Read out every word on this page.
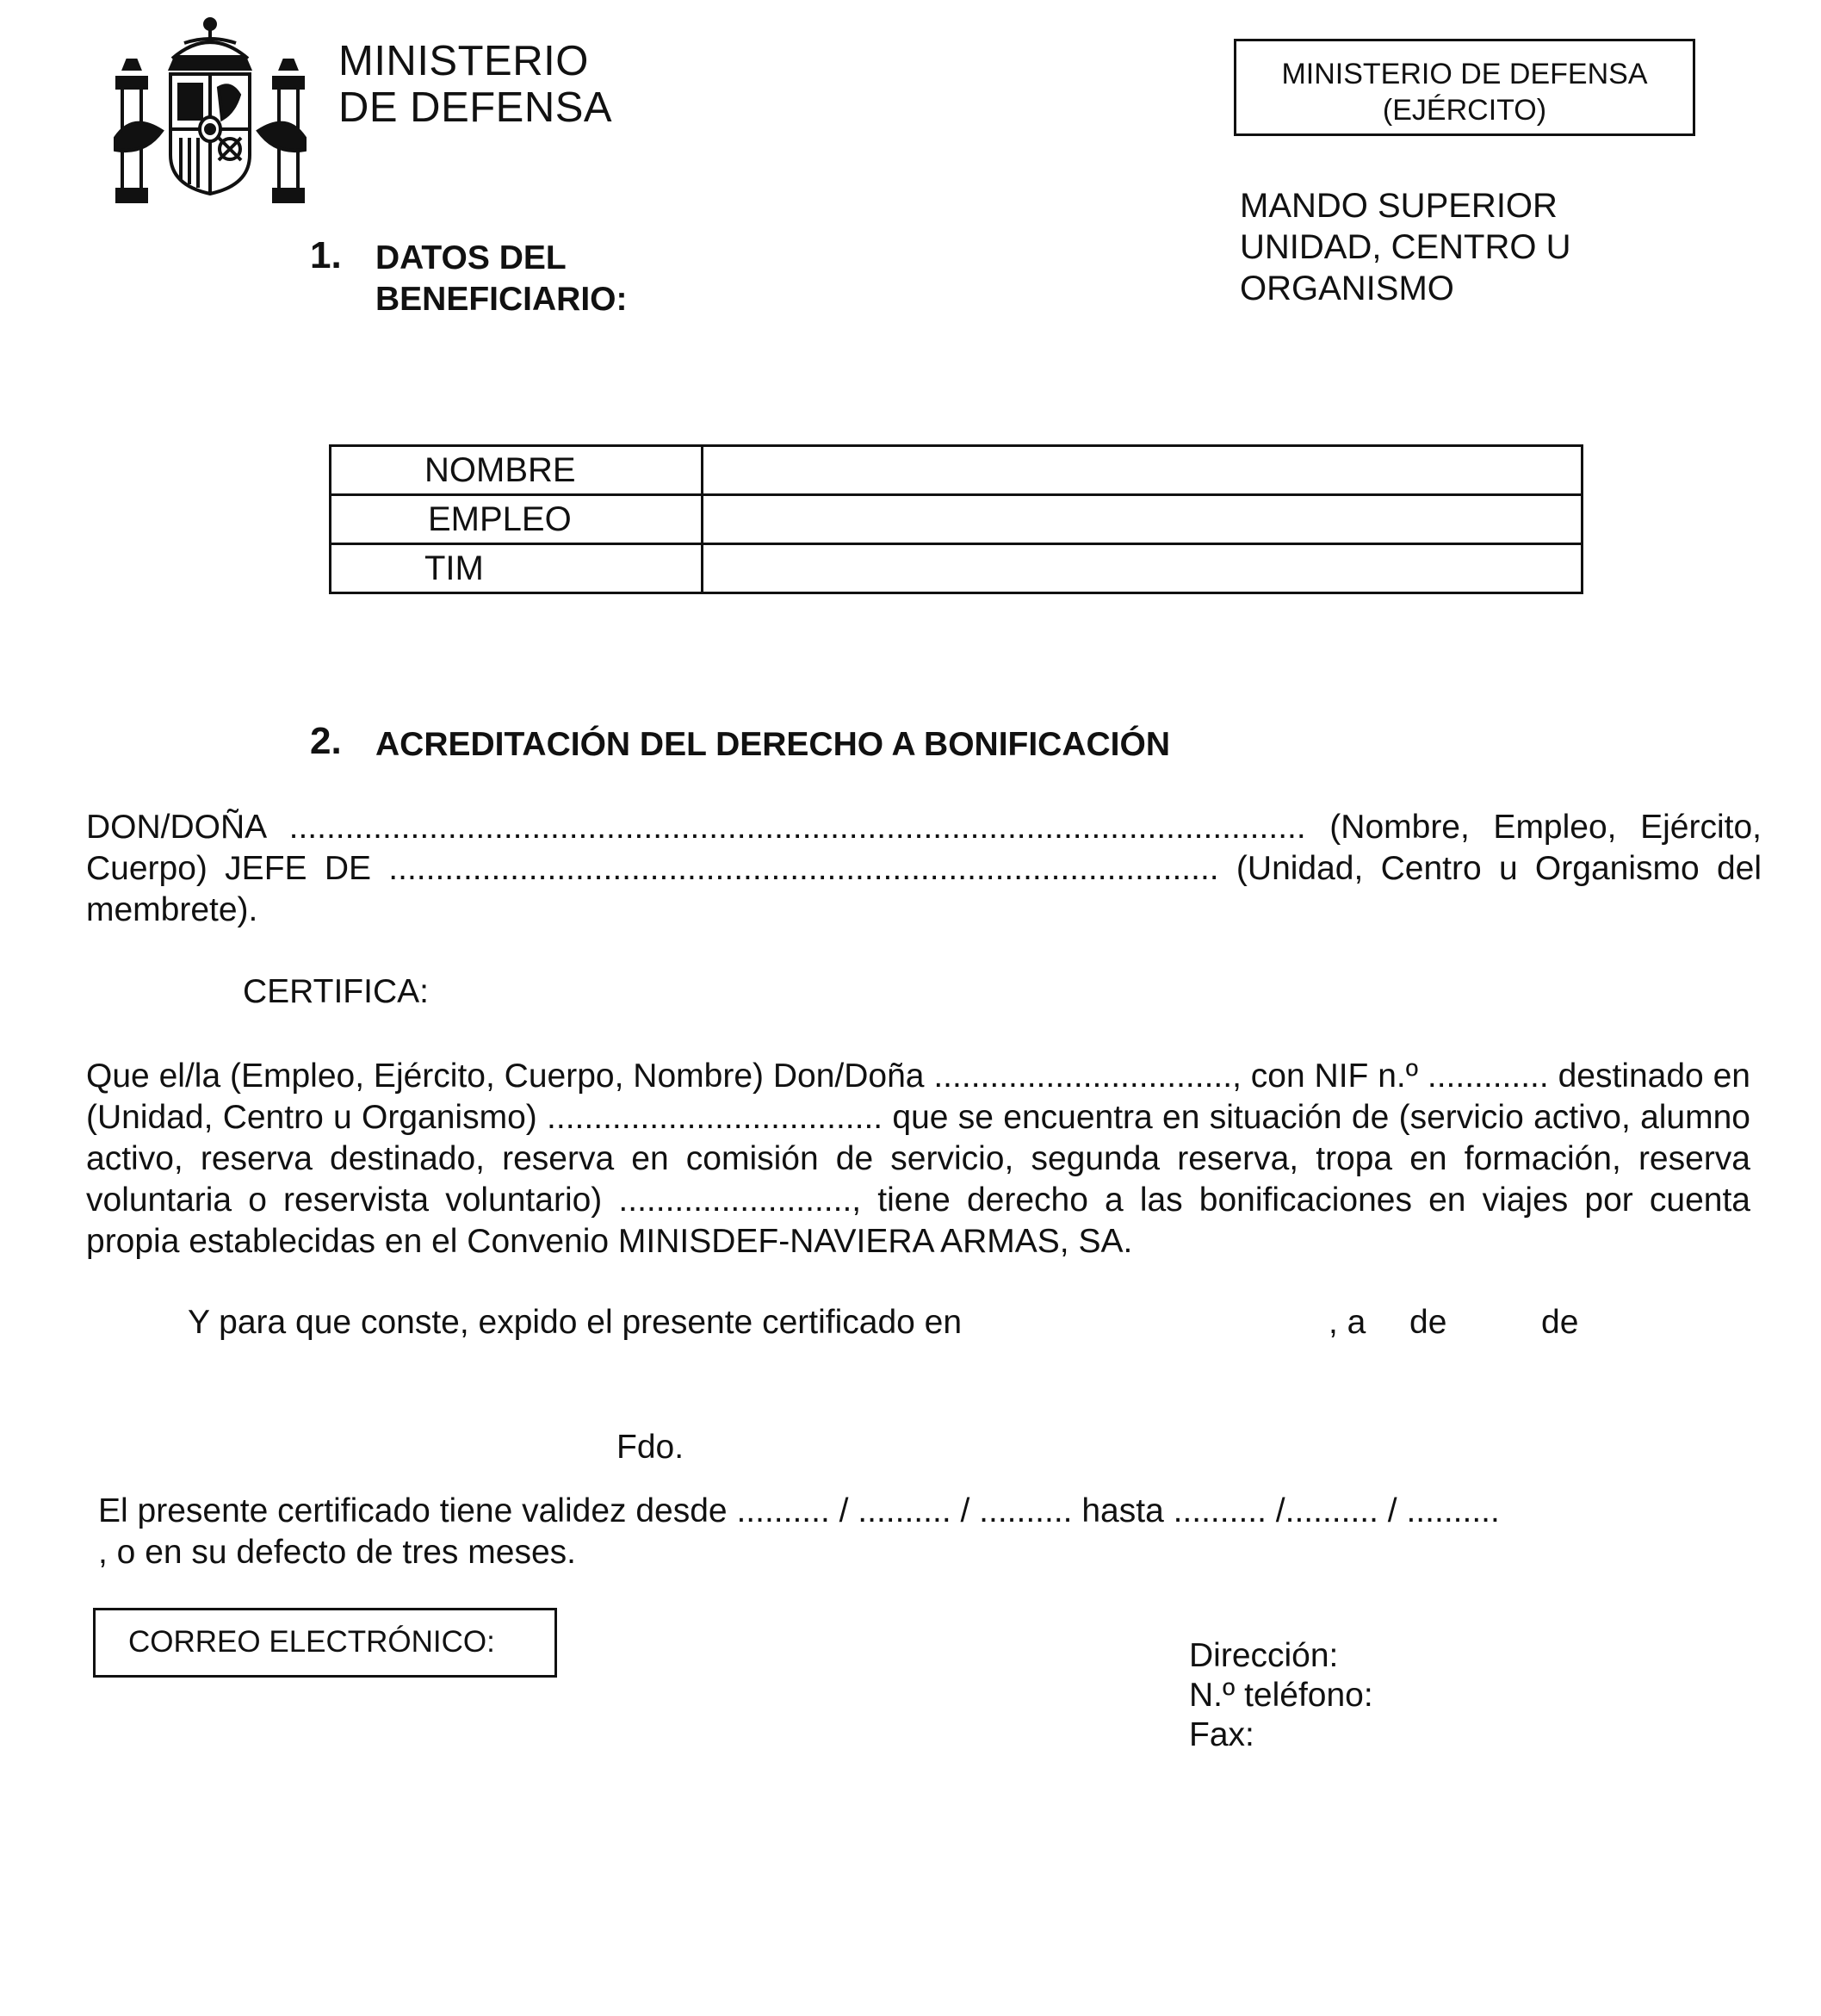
MINISTERIO
DE DEFENSA
MINISTERIO DE DEFENSA
(EJÉRCITO)
MANDO SUPERIOR
UNIDAD, CENTRO U
ORGANISMO
1. DATOS DEL
BENEFICIARIO:
NOMBRE	
EMPLEO	
TIM	
2. ACREDITACIÓN DEL DERECHO A BONIFICACIÓN
DON/DOÑA ............................................................................................................. (Nombre, Empleo, Ejército, Cuerpo) JEFE DE ......................................................................................... (Unidad, Centro u Organismo del membrete).
CERTIFICA:
Que el/la (Empleo, Ejército, Cuerpo, Nombre) Don/Doña ................................, con NIF n.º ............. destinado en (Unidad, Centro u Organismo) .................................... que se encuentra en situación de (servicio activo, alumno activo, reserva destinado, reserva en comisión de servicio, segunda reserva, tropa en formación, reserva voluntaria o reservista voluntario) ........................., tiene derecho a las bonificaciones en viajes por cuenta propia establecidas en el Convenio MINISDEF-NAVIERA ARMAS, SA.
Y para que conste, expido el presente certificado en	, a de	de
Fdo.
El presente certificado tiene validez desde .......... / .......... / .......... hasta .......... /.......... / ..........
, o en su defecto de tres meses.
CORREO ELECTRÓNICO:	Dirección:
N.º teléfono:
Fax:
